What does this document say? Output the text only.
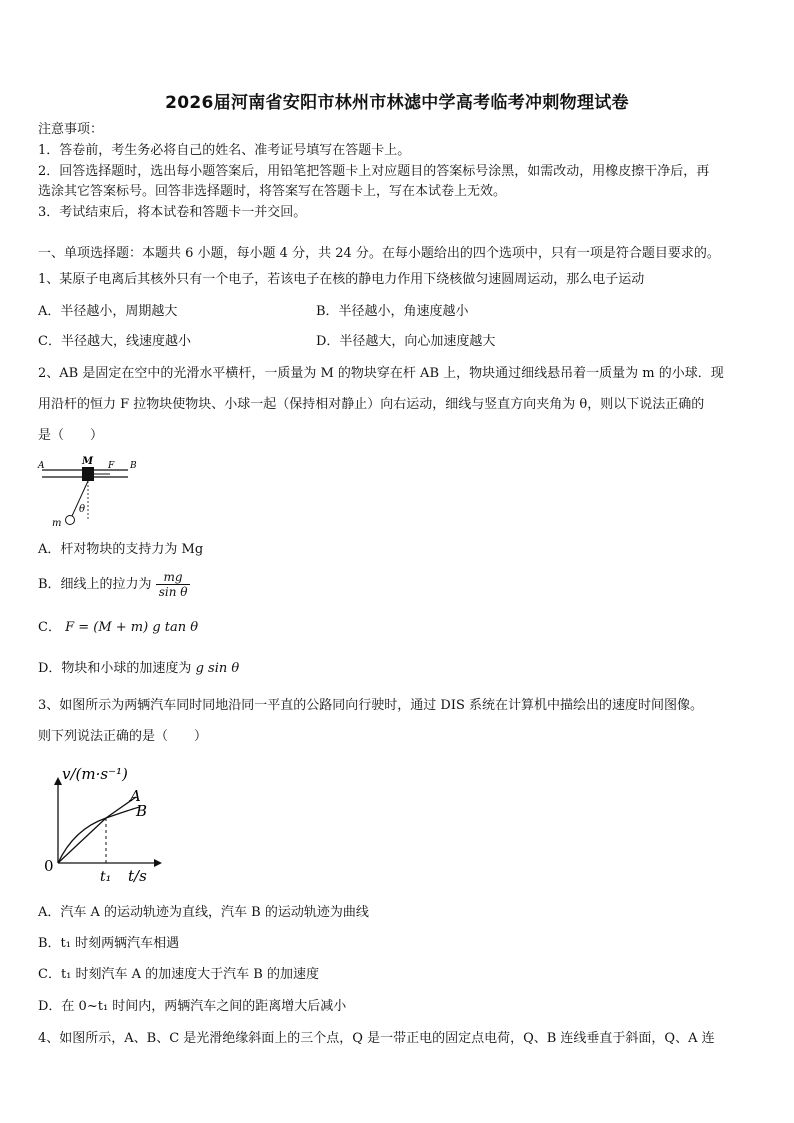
2026届河南省安阳市林州市林滤中学高考临考冲刺物理试卷
注意事项：
1．答卷前，考生务必将自己的姓名、准考证号填写在答题卡上。
2．回答选择题时，选出每小题答案后，用铅笔把答题卡上对应题目的答案标号涂黑，如需改动，用橡皮擦干净后，再
选涂其它答案标号。回答非选择题时，将答案写在答题卡上，写在本试卷上无效。
3．考试结束后，将本试卷和答题卡一并交回。
一、单项选择题：本题共 6 小题，每小题 4 分，共 24 分。在每小题给出的四个选项中，只有一项是符合题目要求的。
1、某原子电离后其核外只有一个电子，若该电子在核的静电力作用下绕核做匀速圆周运动，那么电子运动
A．半径越小，周期越大	B．半径越小，角速度越小
C．半径越大，线速度越小	D．半径越大，向心加速度越大
2、AB 是固定在空中的光滑水平横杆，一质量为 M 的物块穿在杆 AB 上，物块通过细线悬吊着一质量为 m 的小球．现
用沿杆的恒力 F 拉物块使物块、小球一起（保持相对静止）向右运动，细线与竖直方向夹角为 θ，则以下说法正确的
是（　　）
A	M F B
θ
m
A．杆对物块的支持力为 Mg
B．细线上的拉力为 $\frac{mg}{\text{sin θ}}$
C． F = (M + m) g tan θ
D．物块和小球的加速度为 g sin θ
3、如图所示为两辆汽车同时同地沿同一平直的公路同向行驶时，通过 DIS 系统在计算机中描绘出的速度时间图像。
则下列说法正确的是（　　）
v/(m·s⁻¹)
t/s
0
t₁
A
B
A．汽车 A 的运动轨迹为直线，汽车 B 的运动轨迹为曲线
B．t₁ 时刻两辆汽车相遇
C．t₁ 时刻汽车 A 的加速度大于汽车 B 的加速度
D．在 0~t₁ 时间内，两辆汽车之间的距离增大后减小
4、如图所示，A、B、C 是光滑绝缘斜面上的三个点，Q 是一带正电的固定点电荷，Q、B 连线垂直于斜面，Q、A 连
